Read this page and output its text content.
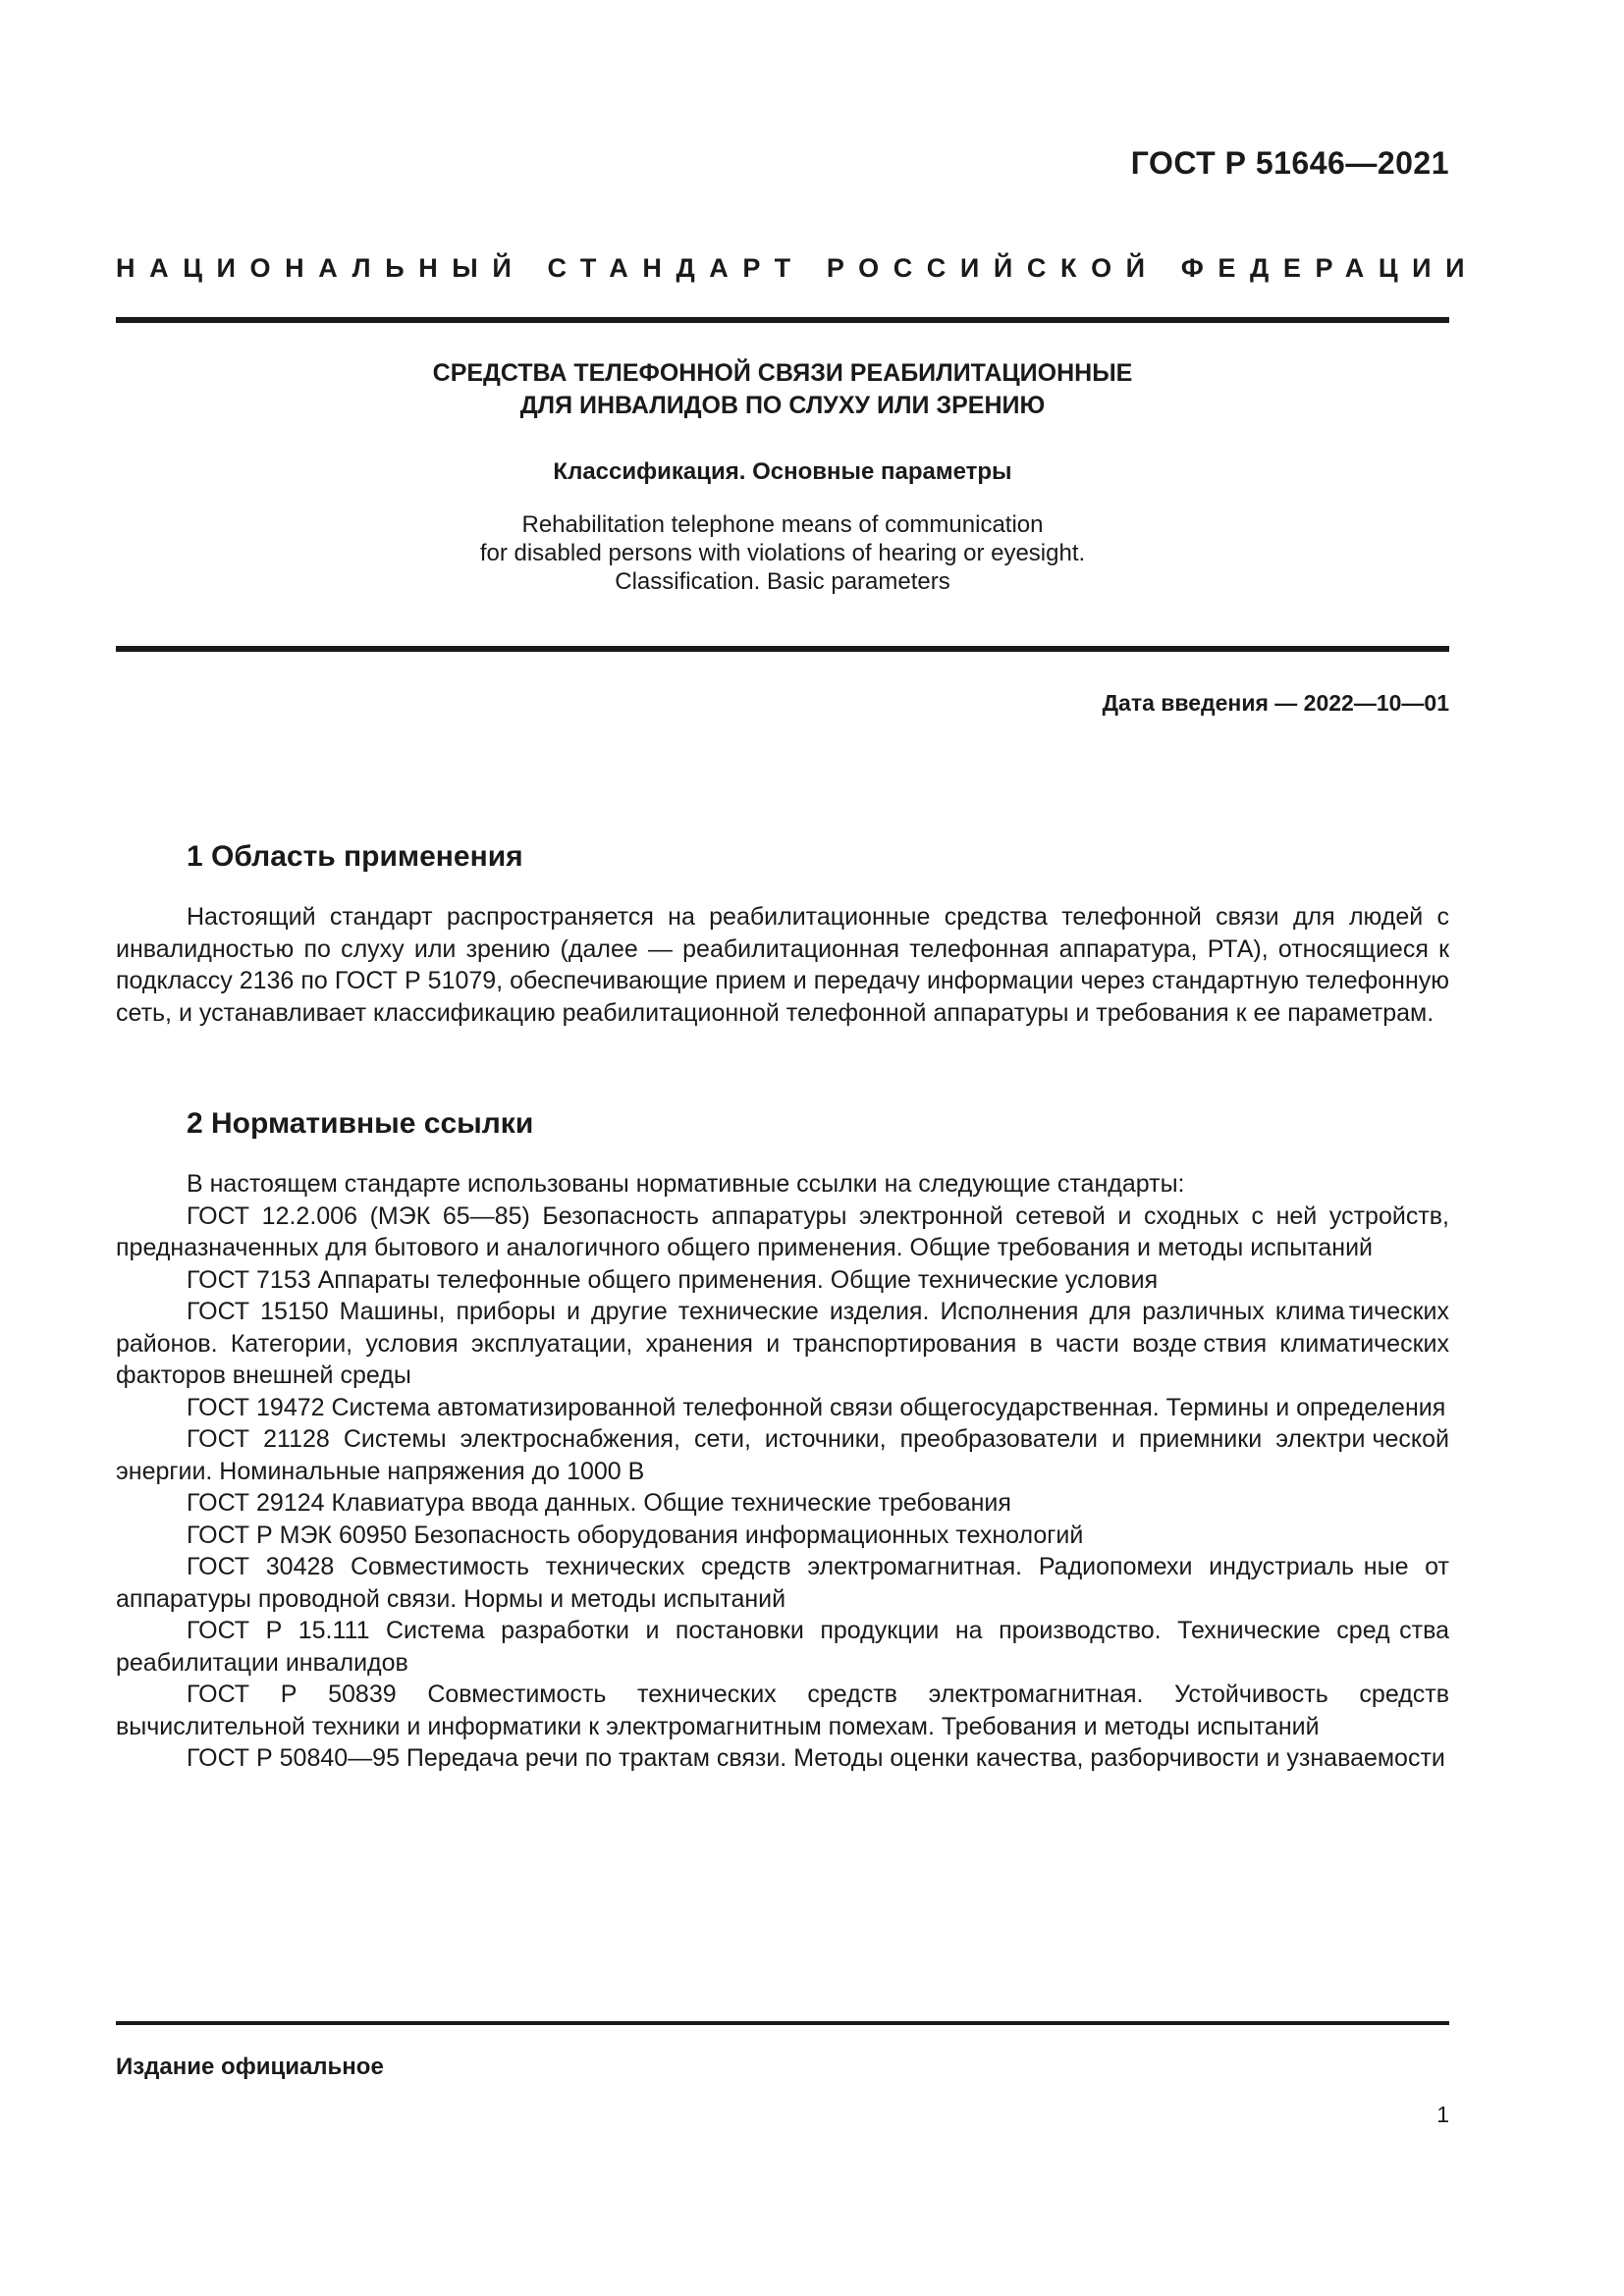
ГОСТ Р 51646—2021
НАЦИОНАЛЬНЫЙ СТАНДАРТ РОССИЙСКОЙ ФЕДЕРАЦИИ

СРЕДСТВА ТЕЛЕФОННОЙ СВЯЗИ РЕАБИЛИТАЦИОННЫЕ
ДЛЯ ИНВАЛИДОВ ПО СЛУХУ ИЛИ ЗРЕНИЮ

Классификация. Основные параметры

Rehabilitation telephone means of communication
for disabled persons with violations of hearing or eyesight.
Classification. Basic parameters

Дата введения — 2022—10—01
1 Область применения

Настоящий стандарт распространяется на реабилитационные средства телефонной связи для людей с инвалидностью по слуху или зрению (далее — реабилитационная телефонная аппаратура, РТА), относящиеся к подклассу 2136 по ГОСТ Р 51079, обеспечивающие прием и передачу информации через стандартную телефонную сеть, и устанавливает классификацию реабилитационной телефонной аппаратуры и требования к ее параметрам.

2 Нормативные ссылки

В настоящем стандарте использованы нормативные ссылки на следующие стандарты:

ГОСТ 12.2.006 (МЭК 65—85) Безопасность аппаратуры электронной сетевой и сходных с ней устройств, предназначенных для бытового и аналогичного общего применения. Общие требования и методы испытаний

ГОСТ 7153 Аппараты телефонные общего применения. Общие технические условия

ГОСТ 15150 Машины, приборы и другие технические изделия. Исполнения для различных клима тических районов. Категории, условия эксплуатации, хранения и транспортирования в части возде ствия климатических факторов внешней среды

ГОСТ 19472 Система автоматизированной телефонной связи общегосударственная. Термины и определения

ГОСТ 21128 Системы электроснабжения, сети, источники, преобразователи и приемники электри ческой энергии. Номинальные напряжения до 1000 В

ГОСТ 29124 Клавиатура ввода данных. Общие технические требования

ГОСТ Р МЭК 60950 Безопасность оборудования информационных технологий

ГОСТ 30428 Совместимость технических средств электромагнитная. Радиопомехи индустриаль ные от аппаратуры проводной связи. Нормы и методы испытаний

ГОСТ Р 15.111 Система разработки и постановки продукции на производство. Технические сред ства реабилитации инвалидов

ГОСТ Р 50839 Совместимость технических средств электромагнитная. Устойчивость средств вычислительной техники и информатики к электромагнитным помехам. Требования и методы испы таний

ГОСТ Р 50840—95 Передача речи по трактам связи. Методы оценки качества, разборчивости и узнаваемости

Издание официальное
1
